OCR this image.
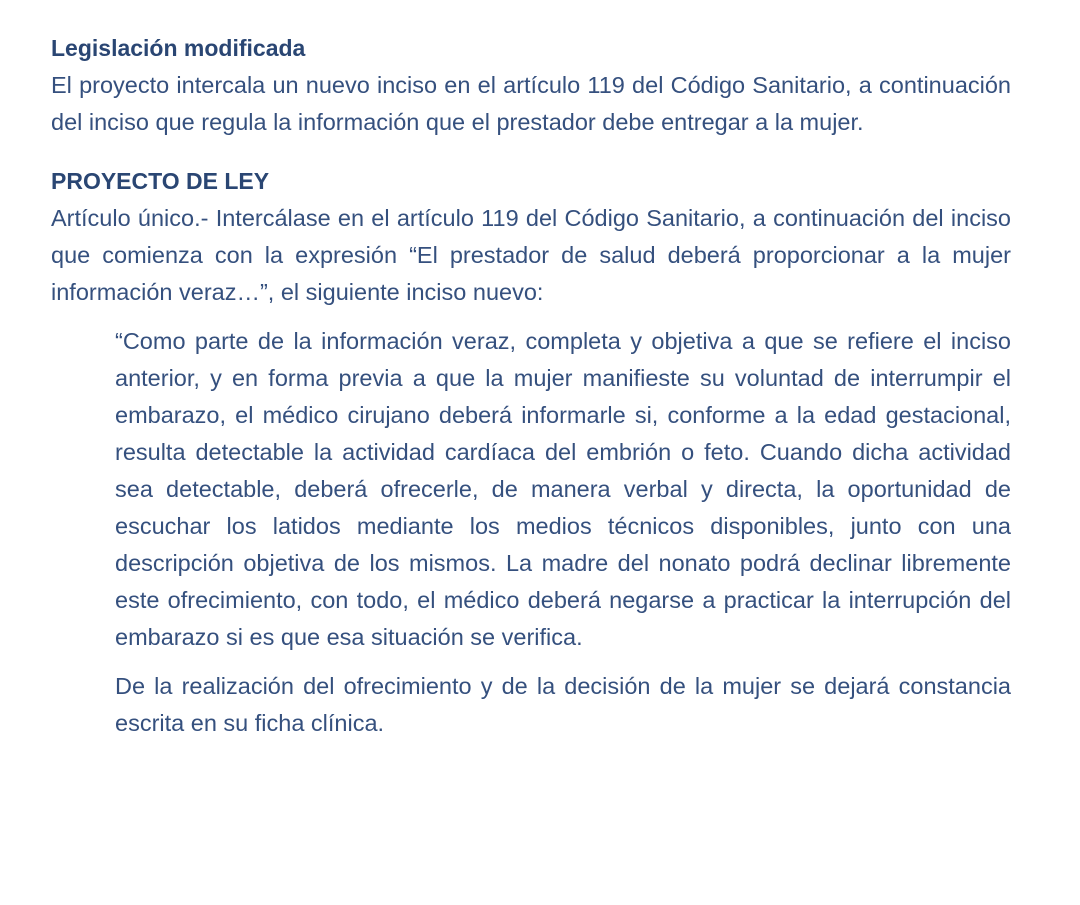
Legislación modificada

El proyecto intercala un nuevo inciso en el artículo 119 del Código Sanitario, a continuación del inciso que regula la información que el prestador debe entregar a la mujer.

PROYECTO DE LEY

Artículo único.- Intercálase en el artículo 119 del Código Sanitario, a continuación del inciso que comienza con la expresión “El prestador de salud deberá proporcionar a la mujer información veraz…”, el siguiente inciso nuevo:

“Como parte de la información veraz, completa y objetiva a que se refiere el inciso anterior, y en forma previa a que la mujer manifieste su voluntad de interrumpir el embarazo, el médico cirujano deberá informarle si, conforme a la edad gestacional, resulta detectable la actividad cardíaca del embrión o feto. Cuando dicha actividad sea detectable, deberá ofrecerle, de manera verbal y directa, la oportunidad de escuchar los latidos mediante los medios técnicos disponibles, junto con una descripción objetiva de los mismos. La madre del nonato podrá declinar libremente este ofrecimiento, con todo, el médico deberá negarse a practicar la interrupción del embarazo si es que esa situación se verifica.

De la realización del ofrecimiento y de la decisión de la mujer se dejará constancia escrita en su ficha clínica.
